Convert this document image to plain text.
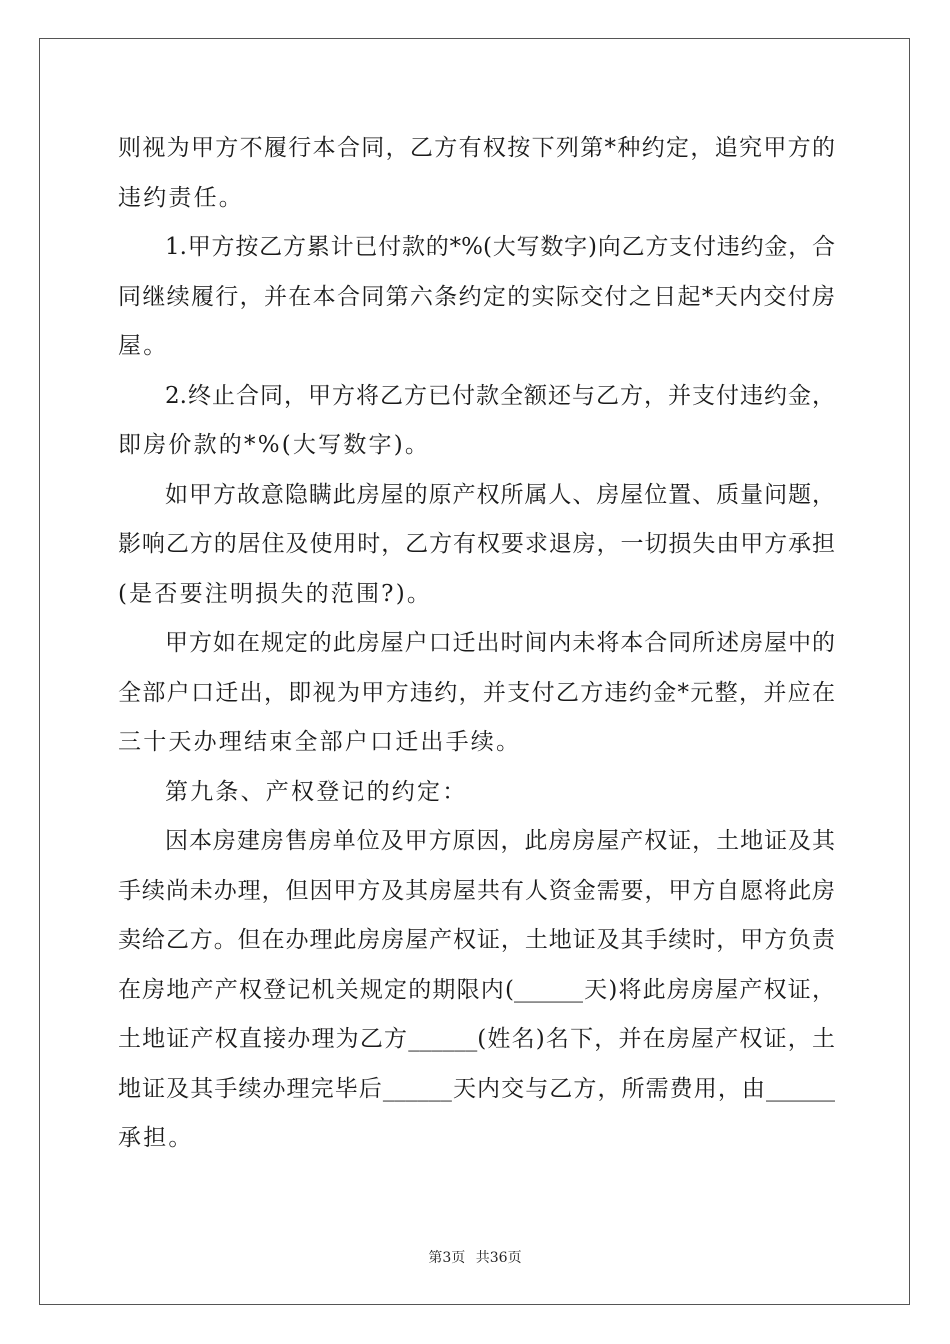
则视为甲方不履行本合同，乙方有权按下列第*种约定，追究甲方的
违约责任。
1.甲方按乙方累计已付款的*%(大写数字)向乙方支付违约金，合
同继续履行，并在本合同第六条约定的实际交付之日起*天内交付房
屋。
2.终止合同，甲方将乙方已付款全额还与乙方，并支付违约金，
即房价款的*%(大写数字)。
如甲方故意隐瞒此房屋的原产权所属人、房屋位置、质量问题，
影响乙方的居住及使用时，乙方有权要求退房，一切损失由甲方承担
(是否要注明损失的范围?)。
甲方如在规定的此房屋户口迁出时间内未将本合同所述房屋中的
全部户口迁出，即视为甲方违约，并支付乙方违约金*元整，并应在
三十天办理结束全部户口迁出手续。
第九条、产权登记的约定：
因本房建房售房单位及甲方原因，此房房屋产权证，土地证及其
手续尚未办理，但因甲方及其房屋共有人资金需要，甲方自愿将此房
卖给乙方。但在办理此房房屋产权证，土地证及其手续时，甲方负责
在房地产产权登记机关规定的期限内(______天)将此房房屋产权证，
土地证产权直接办理为乙方______(姓名)名下，并在房屋产权证，土
地证及其手续办理完毕后______天内交与乙方，所需费用，由______
承担。
第3页 共36页
